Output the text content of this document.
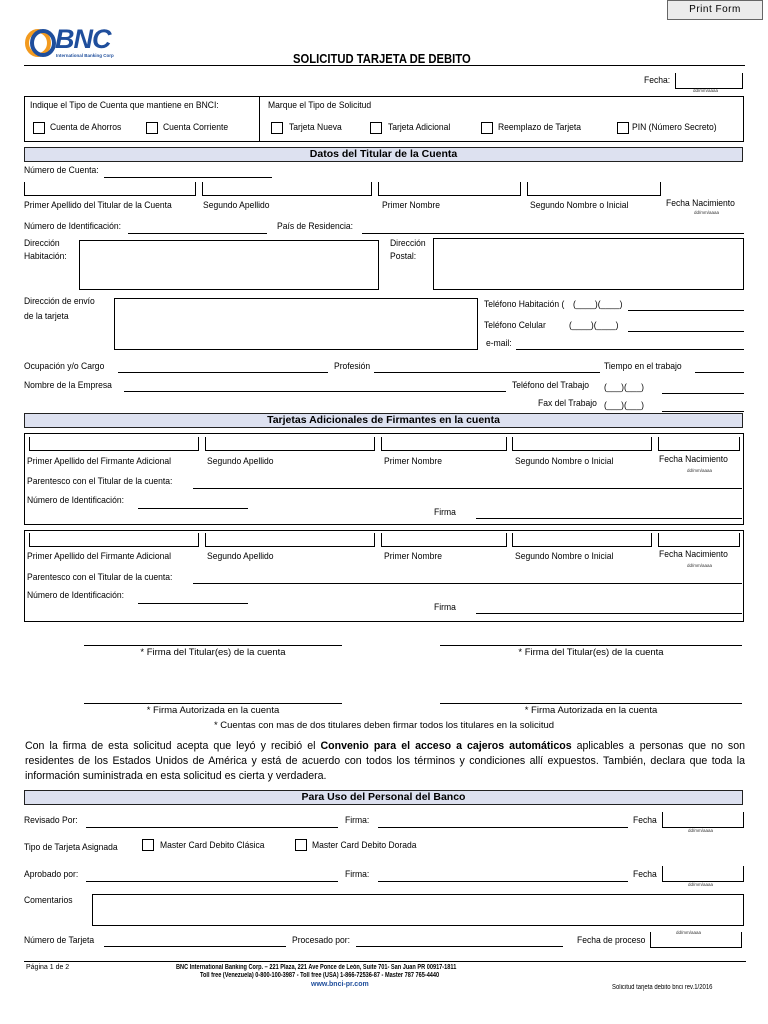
Print Form
BNC
International Banking Corp	SOLICITUD TARJETA DE DEBITO
Fecha:
dd/mm/aaaa
Indique el Tipo de Cuenta que mantiene en BNCI:
Cuenta de Ahorros	Cuenta Corriente
Marque el Tipo de Solicitud
Tarjeta Nueva	Tarjeta Adicional	Reemplazo de Tarjeta	PIN (Número Secreto)
Datos del Titular de la Cuenta
Número de Cuenta:
Primer Apellido del Titular de la Cuenta	Segundo Apellido	Primer Nombre	Segundo Nombre o Inicial	Fecha Nacimiento
dd/mm/aaaa
Número de Identificación:	País de Residencia:
Dirección
Habitación:
Dirección
Postal:
Dirección de envío
de la tarjeta
Teléfono Habitación ( (____)(____)
Teléfono Celular (____)(____)
e-mail:
Ocupación y/o Cargo	Profesión	Tiempo en el trabajo
Nombre de la Empresa	Teléfono del Trabajo (___)(___)
Fax del Trabajo (___)(___)
Tarjetas Adicionales de Firmantes en la cuenta
Primer Apellido del Firmante Adicional	Segundo Apellido	Primer Nombre	Segundo Nombre o Inicial	Fecha Nacimiento
dd/mm/aaaa
Parentesco con el Titular de la cuenta:
Número de Identificación:
Firma
Primer Apellido del Firmante Adicional	Segundo Apellido	Primer Nombre	Segundo Nombre o Inicial	Fecha Nacimiento
dd/mm/aaaa
Parentesco con el Titular de la cuenta:
Número de Identificación:
Firma
* Firma del Titular(es) de la cuenta	* Firma del Titular(es) de la cuenta
* Firma Autorizada en la cuenta	* Firma Autorizada en la cuenta
* Cuentas con mas de dos titulares deben firmar todos los titulares en la solicitud
Con la firma de esta solicitud acepta que leyó y recibió el Convenio para el acceso a cajeros automáticos aplicables a personas que no son residentes de los Estados Unidos de América y está de acuerdo con todos los términos y condiciones allí expuestos. También, declara que toda la información suministrada en esta solicitud es cierta y verdadera.
Para Uso del Personal del Banco
Revisado Por:	Firma:	Fecha
dd/mm/aaaa
Tipo de Tarjeta Asignada	Master Card Debito Clásica	Master Card Debito Dorada
Aprobado por:	Firma:	Fecha
dd/mm/aaaa
Comentarios
Número de Tarjeta	Procesado por:	Fecha de proceso
dd/mm/aaaa
Página 1 de 2	BNC International Banking Corp. – 221 Plaza, 221 Ave Ponce de León, Suite 701- San Juan PR 00917-1811
Toll free (Venezuela) 0-800-100-3987 - Toll free (USA) 1-866-72536-87 - Master 787 765-4440
www.bnci-pr.com	Solicitud tarjeta debito bnci rev.1/2016
